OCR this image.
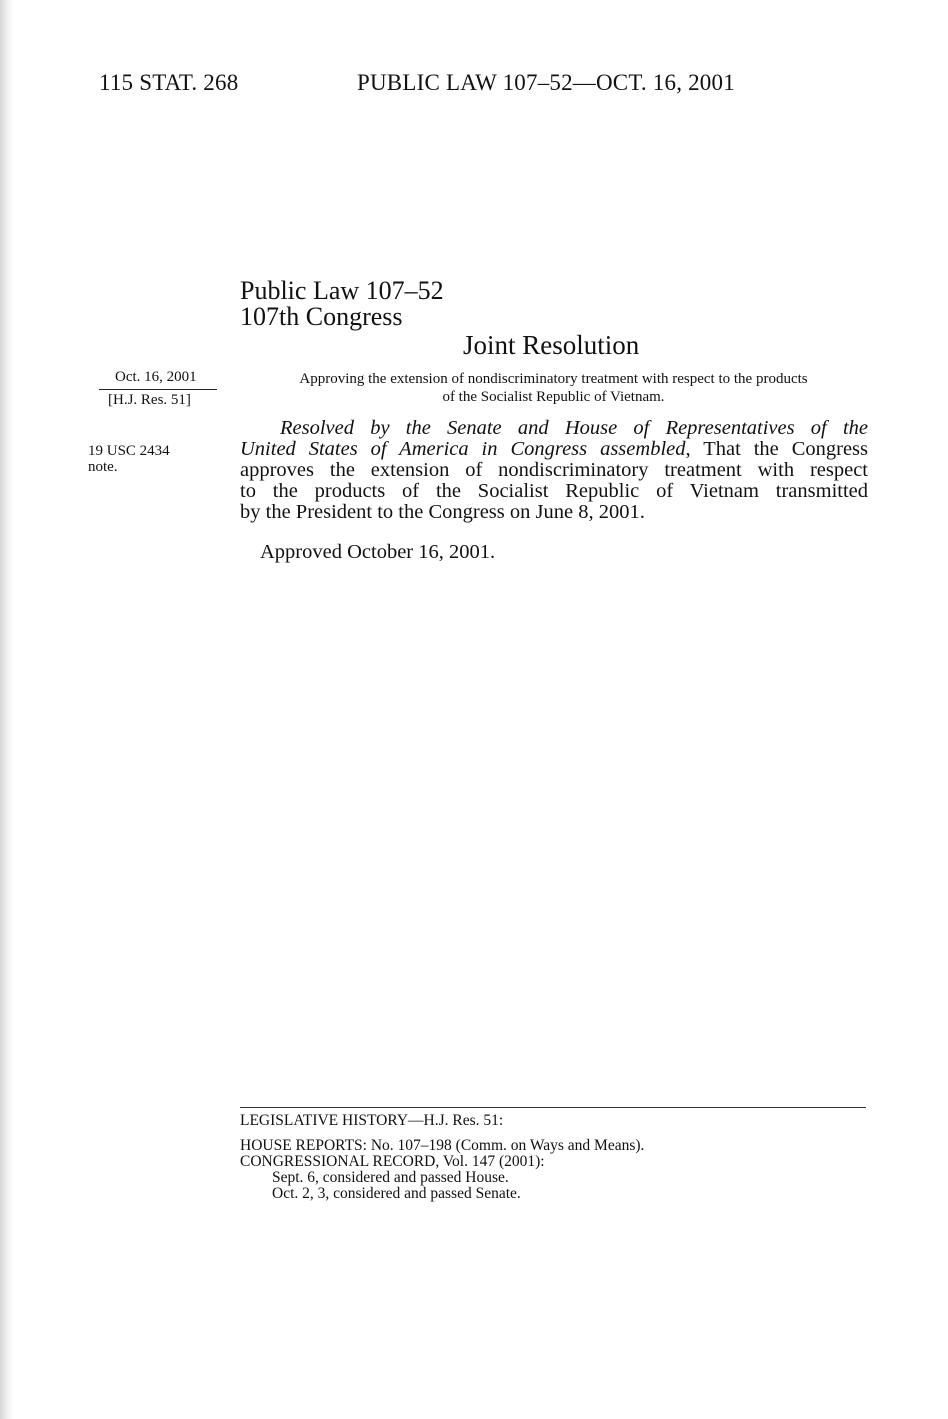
115 STAT. 268	PUBLIC LAW 107–52—OCT. 16, 2001
Public Law 107–52
107th Congress
Joint Resolution
Oct. 16, 2001
[H.J. Res. 51]
19 USC 2434
note.
Approving the extension of nondiscriminatory treatment with respect to the products
of the Socialist Republic of Vietnam.
Resolved by the Senate and House of Representatives of the
United States of America in Congress assembled, That the Congress
approves the extension of nondiscriminatory treatment with respect
to the products of the Socialist Republic of Vietnam transmitted
by the President to the Congress on June 8, 2001.
Approved October 16, 2001.
LEGISLATIVE HISTORY—H.J. Res. 51:
HOUSE REPORTS: No. 107–198 (Comm. on Ways and Means).
CONGRESSIONAL RECORD, Vol. 147 (2001):
Sept. 6, considered and passed House.
Oct. 2, 3, considered and passed Senate.
